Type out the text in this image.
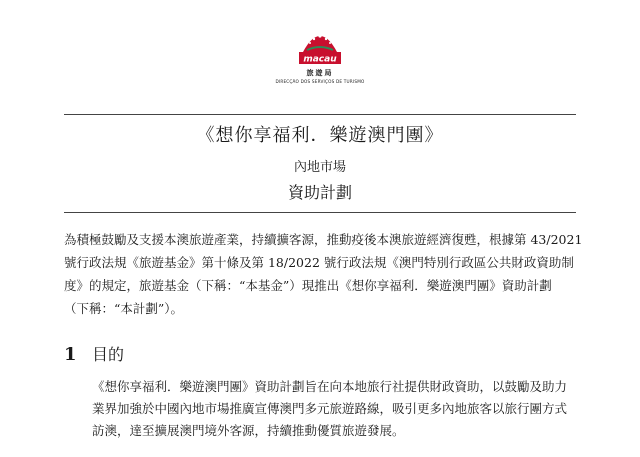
macau
旅遊局
DIRECÇÃO DOS SERVIÇOS DE TURISMO
《想你享福利．樂遊澳門團》
內地市場
資助計劃

為積極鼓勵及支援本澳旅遊產業，持續擴客源，推動疫後本澳旅遊經濟復甦，根據第 43/2021

號行政法規《旅遊基金》第十條及第 18/2022 號行政法規《澳門特別行政區公共財政資助制

度》的規定，旅遊基金（下稱：“本基金”）現推出《想你享福利．樂遊澳門團》資助計劃

（下稱：“本計劃”）。

1 目的

《想你享福利．樂遊澳門團》資助計劃旨在向本地旅行社提供財政資助，以鼓勵及助力

業界加強於中國內地市場推廣宣傳澳門多元旅遊路線，吸引更多內地旅客以旅行團方式

訪澳，達至擴展澳門境外客源，持續推動優質旅遊發展。
